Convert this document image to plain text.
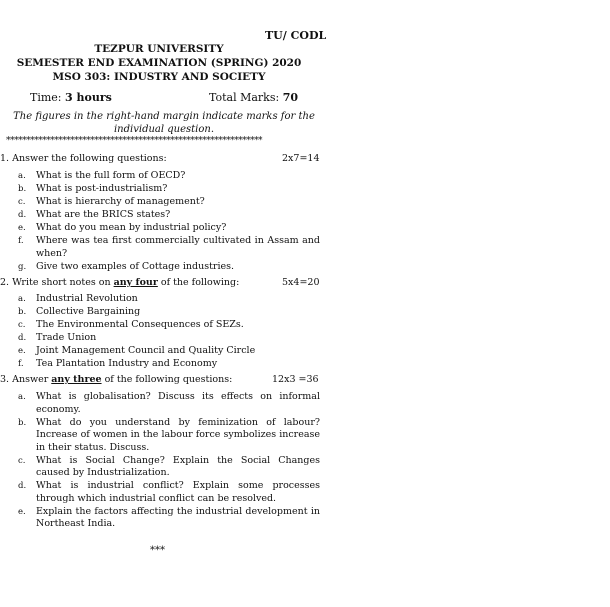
TU/ CODL
TEZPUR UNIVERSITY
SEMESTER END EXAMINATION (SPRING) 2020
MSO 303: INDUSTRY AND SOCIETY
Time: 3 hours	Total Marks: 70
The figures in the right-hand margin indicate marks for the individual question.
****************************************************************
1. Answer the following questions:	2x7=14
a. What is the full form of OECD?
b. What is post-industrialism?
c. What is hierarchy of management?
d. What are the BRICS states?
e. What do you mean by industrial policy?
f. Where was tea first commercially cultivated in Assam and when?
g. Give two examples of Cottage industries.
2. Write short notes on any four of the following:	5x4=20
a. Industrial Revolution
b. Collective Bargaining
c. The Environmental Consequences of SEZs.
d. Trade Union
e. Joint Management Council and Quality Circle
f. Tea Plantation Industry and Economy
3. Answer any three of the following questions:	12x3 =36
a. What is globalisation? Discuss its effects on informal economy.
b. What do you understand by feminization of labour? Increase of women in the labour force symbolizes increase in their status. Discuss.
c. What is Social Change? Explain the Social Changes caused by Industrialization.
d. What is industrial conflict? Explain some processes through which industrial conflict can be resolved.
e. Explain the factors affecting the industrial development in Northeast India.
***
